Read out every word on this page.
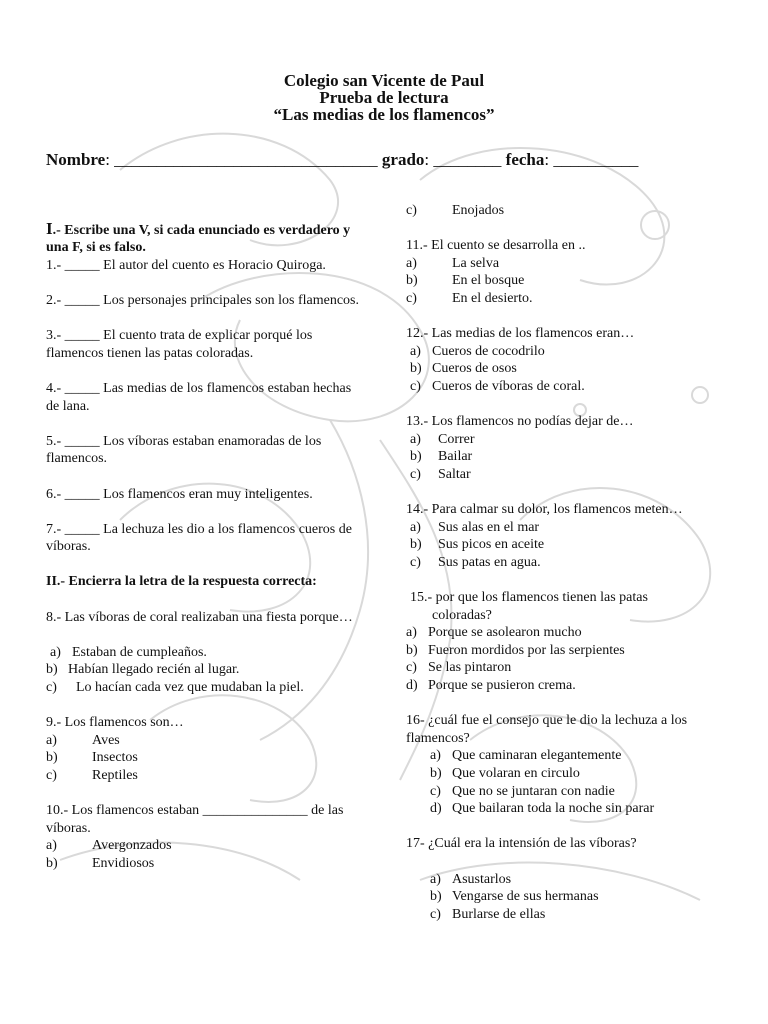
Colegio san Vicente de Paul
Prueba de lectura
“Las medias de los flamencos”
Nombre: _______________________________ grado: ________ fecha: __________

I.- Escribe una V, si cada enunciado es verdadero y una F, si es falso.

1.- _____ El autor del cuento es Horacio Quiroga.

2.- _____ Los personajes principales son los flamencos.

3.- _____ El cuento trata de explicar porqué los flamencos tienen las patas coloradas.

4.- _____ Las medias de los flamencos estaban hechas de lana.

5.- _____ Los víboras estaban enamoradas de los flamencos.

6.- _____ Los flamencos eran muy inteligentes.

7.- _____ La lechuza les dio a los flamencos cueros de víboras.

II.- Encierra la letra de la respuesta correcta:

8.- Las víboras de coral realizaban una fiesta porque…

a) Estaban de cumpleaños.
b) Habían llegado recién al lugar.
c)	Lo hacían cada vez que mudaban la piel.

9.- Los flamencos son…

a)	Aves
b)	Insectos
c)	Reptiles

10.- Los flamencos estaban _______________ de las víboras.

a)	Avergonzados
b)	Envidiosos
c)	Enojados

11.- El cuento se desarrolla en ..

a)	La selva
b)	En el bosque
c)	En el desierto.

12.- Las medias de los flamencos eran…

a) Cueros de cocodrilo
b) Cueros de osos
c) Cueros de víboras de coral.

13.- Los flamencos no podías dejar de…

a)	Correr
b)	Bailar
c)	Saltar

14.- Para calmar su dolor, los flamencos meten…

a)	Sus alas en el mar
b)	Sus picos en aceite
c)	Sus patas en agua.

15.- por que los flamencos tienen las patas

coloradas?

a) Porque se asolearon mucho
b) Fueron mordidos por las serpientes
c) Se las pintaron
d) Porque se pusieron crema.

16- ¿cuál fue el consejo que le dio la lechuza a los flamencos?

a) Que caminaran elegantemente
b) Que volaran en circulo
c) Que no se juntaran con nadie
d) Que bailaran toda la noche sin parar

17- ¿Cuál era la intensión de las víboras?

a) Asustarlos
b) Vengarse de sus hermanas
c) Burlarse de ellas
